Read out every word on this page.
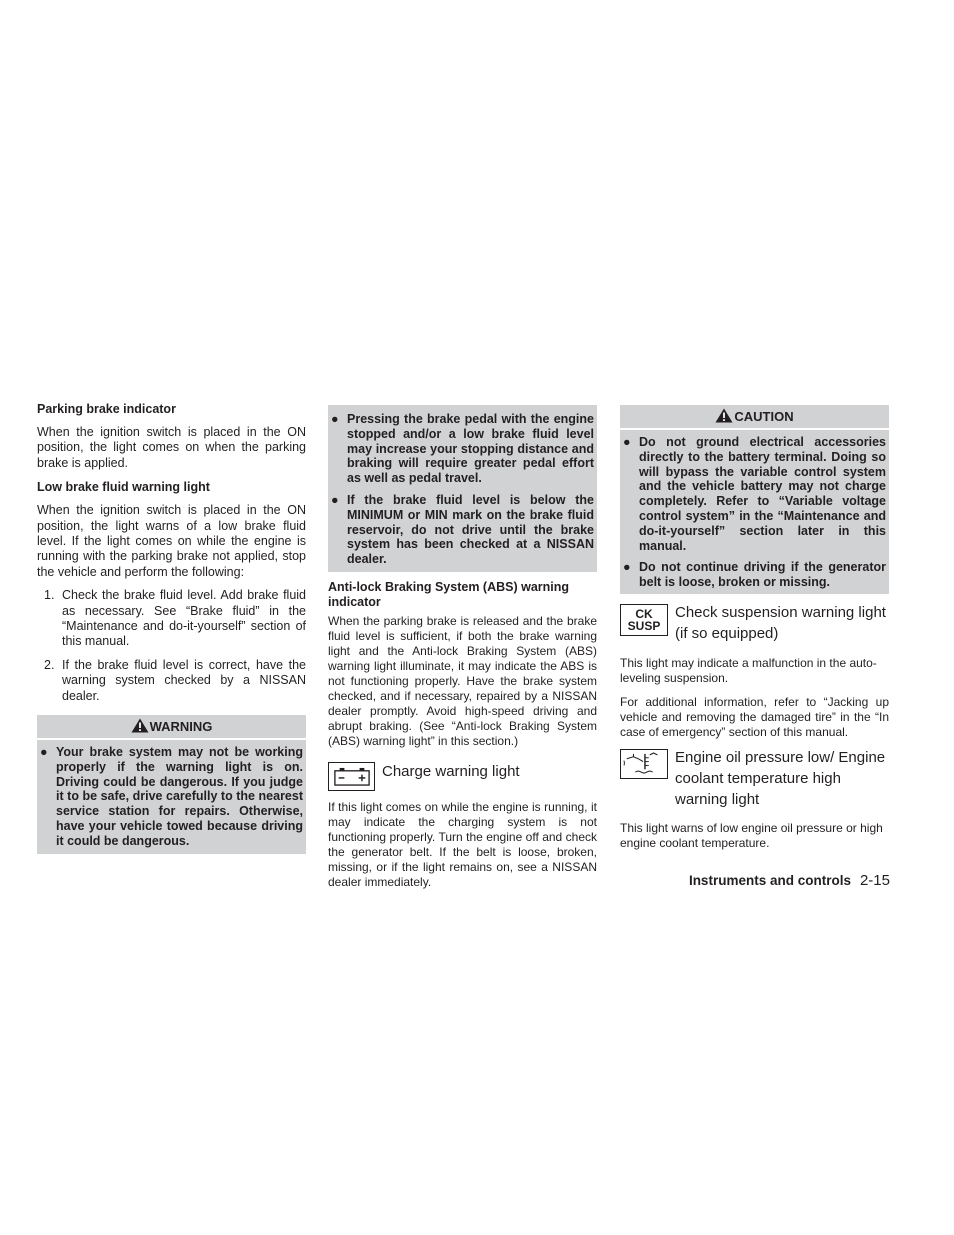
Parking brake indicator

When the ignition switch is placed in the ON position, the light comes on when the parking brake is applied.

Low brake fluid warning light

When the ignition switch is placed in the ON position, the light warns of a low brake fluid level. If the light comes on while the engine is running with the parking brake not applied, stop the vehicle and perform the following:

1. Check the brake fluid level. Add brake fluid as necessary. See “Brake fluid” in the “Maintenance and do-it-yourself” section of this manual.
2. If the brake fluid level is correct, have the warning system checked by a NISSAN dealer.
WARNING
● Your brake system may not be working properly if the warning light is on. Driving could be dangerous. If you judge it to be safe, drive carefully to the nearest service station for repairs. Otherwise, have your vehicle towed because driving it could be dangerous.
● Pressing the brake pedal with the engine stopped and/or a low brake fluid level may increase your stopping distance and braking will require greater pedal effort as well as pedal travel.
● If the brake fluid level is below the MINIMUM or MIN mark on the brake fluid reservoir, do not drive until the brake system has been checked at a NISSAN dealer.

Anti-lock Braking System (ABS) warning indicator

When the parking brake is released and the brake fluid level is sufficient, if both the brake warning light and the Anti-lock Braking System (ABS) warning light illuminate, it may indicate the ABS is not functioning properly. Have the brake system checked, and if necessary, repaired by a NISSAN dealer promptly. Avoid high-speed driving and abrupt braking. (See “Anti-lock Braking System (ABS) warning light” in this section.)

Charge warning light

If this light comes on while the engine is running, it may indicate the charging system is not functioning properly. Turn the engine off and check the generator belt. If the belt is loose, broken, missing, or if the light remains on, see a NISSAN dealer immediately.

CAUTION
● Do not ground electrical accessories directly to the battery terminal. Doing so will bypass the variable control system and the vehicle battery may not charge completely. Refer to “Variable voltage control system” in the “Maintenance and do-it-yourself” section later in this manual.
● Do not continue driving if the generator belt is loose, broken or missing.
CK
SUSP
Check suspension warning light (if so equipped)

This light may indicate a malfunction in the auto-leveling suspension.

For additional information, refer to “Jacking up vehicle and removing the damaged tire” in the “In case of emergency” section of this manual.

Engine oil pressure low/ Engine coolant temperature high warning light

This light warns of low engine oil pressure or high engine coolant temperature.

Instruments and controls 2-15
